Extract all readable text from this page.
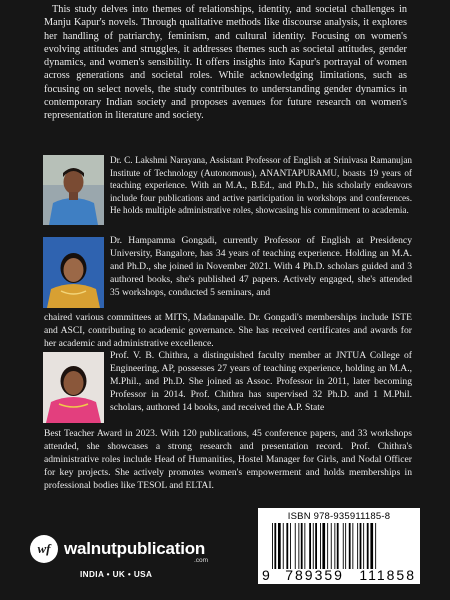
This study delves into themes of relationships, identity, and societal challenges in Manju Kapur's novels. Through qualitative methods like discourse analysis, it explores her handling of patriarchy, feminism, and cultural identity. Focusing on women's evolving attitudes and struggles, it addresses themes such as societal attitudes, gender dynamics, and women's sensibility. It offers insights into Kapur's portrayal of women across generations and societal roles. While acknowledging limitations, such as focusing on select novels, the study contributes to understanding gender dynamics in contemporary Indian society and proposes avenues for future research on women's representation in literature and society.
Dr. C. Lakshmi Narayana, Assistant Professor of English at Srinivasa Ramanujan Institute of Technology (Autonomous), ANANTAPURAMU, boasts 19 years of teaching experience. With an M.A., B.Ed., and Ph.D., his scholarly endeavors include four publications and active participation in workshops and conferences. He holds multiple administrative roles, showcasing his commitment to academia.
Dr. Hampamma Gongadi, currently Professor of English at Presidency University, Bangalore, has 34 years of teaching experience. Holding an M.A. and Ph.D., she joined in November 2021. With 4 Ph.D. scholars guided and 3 authored books, she's published 47 papers. Actively engaged, she's attended 35 workshops, conducted 5 seminars, and
chaired various committees at MITS, Madanapalle. Dr. Gongadi's memberships include ISTE and ASCI, contributing to academic governance. She has received certificates and awards for her academic and administrative excellence.
Prof. V. B. Chithra, a distinguished faculty member at JNTUA College of Engineering, AP, possesses 27 years of teaching experience, holding an M.A., M.Phil., and Ph.D. She joined as Assoc. Professor in 2011, later becoming Professor in 2014. Prof. Chithra has supervised 32 Ph.D. and 1 M.Phil. scholars, authored 14 books, and received the A.P. State
Best Teacher Award in 2023. With 120 publications, 45 conference papers, and 33 workshops attended, she showcases a strong research and presentation record. Prof. Chithra's administrative roles include Head of Humanities, Hostel Manager for Girls, and Nodal Officer for key projects. She actively promotes women's empowerment and holds memberships in professional bodies like TESOL and ELTAI.
wf walnutpublication
.com
INDIA • UK • USA
ISBN 978-935911185-8
9 789359 111858
